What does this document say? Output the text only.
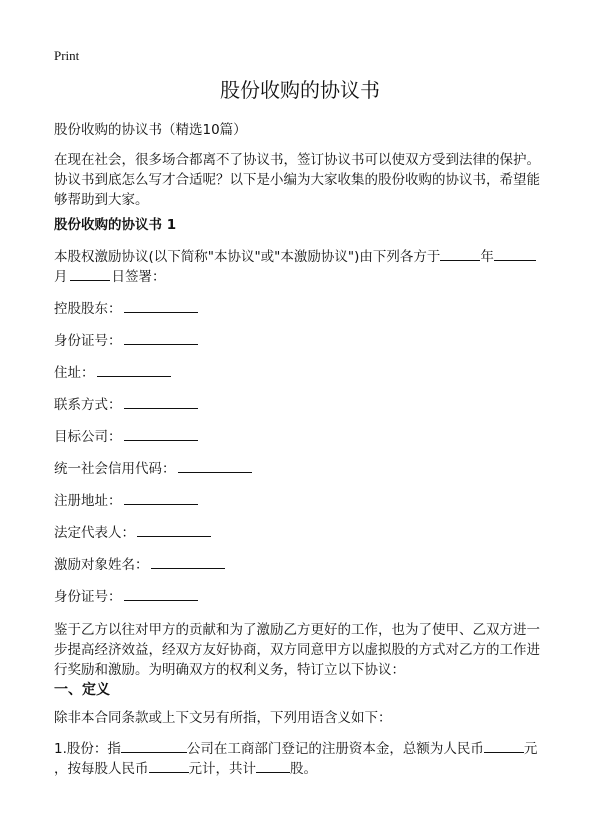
Print
股份收购的协议书
股份收购的协议书（精选10篇）
在现在社会，很多场合都离不了协议书，签订协议书可以使双方受到法律的保护。
协议书到底怎么写才合适呢？以下是小编为大家收集的股份收购的协议书，希望能
够帮助到大家。
股份收购的协议书 1
本股权激励协议(以下简称"本协议"或"本激励协议")由下列各方于	年
月	日签署：
控股股东：
身份证号：
住址：
联系方式：
目标公司：
统一社会信用代码：
注册地址：
法定代表人：
激励对象姓名：
身份证号：
鉴于乙方以往对甲方的贡献和为了激励乙方更好的工作，也为了使甲、乙双方进一
步提高经济效益，经双方友好协商，双方同意甲方以虚拟股的方式对乙方的工作进
行奖励和激励。为明确双方的权利义务，特订立以下协议：
一、定义
除非本合同条款或上下文另有所指，下列用语含义如下：
1.股份：指	公司在工商部门登记的注册资本金，总额为人民币	元
，按每股人民币	元计，共计	股。
